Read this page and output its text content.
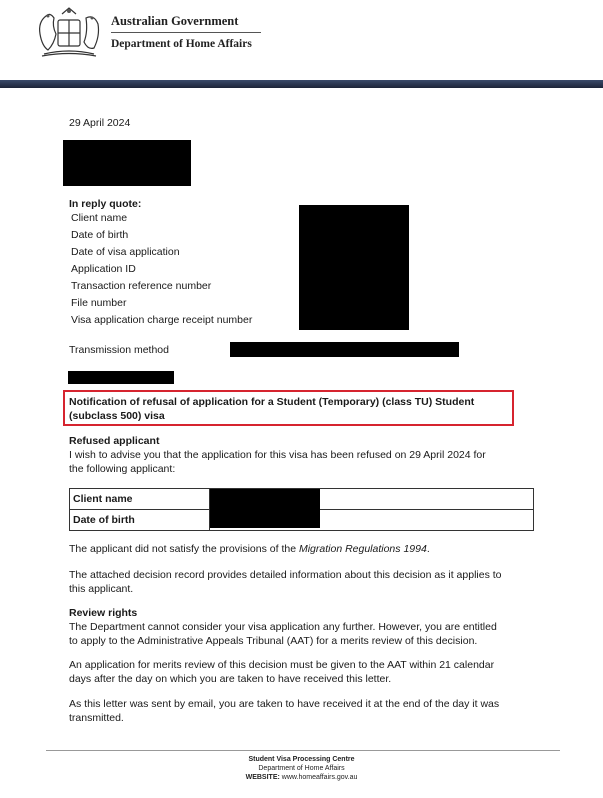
Australian Government
Department of Home Affairs
29 April 2024
In reply quote:
Client name
Date of birth
Date of visa application
Application ID
Transaction reference number
File number
Visa application charge receipt number
Transmission method
Notification of refusal of application for a Student (Temporary) (class TU) Student
(subclass 500) visa
Refused applicant
I wish to advise you that the application for this visa has been refused on 29 April 2024 for
the following applicant:
Client name	
Date of birth	
The applicant did not satisfy the provisions of the Migration Regulations 1994.
The attached decision record provides detailed information about this decision as it applies to
this applicant.
Review rights
The Department cannot consider your visa application any further. However, you are entitled
to apply to the Administrative Appeals Tribunal (AAT) for a merits review of this decision.
An application for merits review of this decision must be given to the AAT within 21 calendar
days after the day on which you are taken to have received this letter.
As this letter was sent by email, you are taken to have received it at the end of the day it was
transmitted.
Student Visa Processing Centre
Department of Home Affairs
WEBSITE: www.homeaffairs.gov.au
